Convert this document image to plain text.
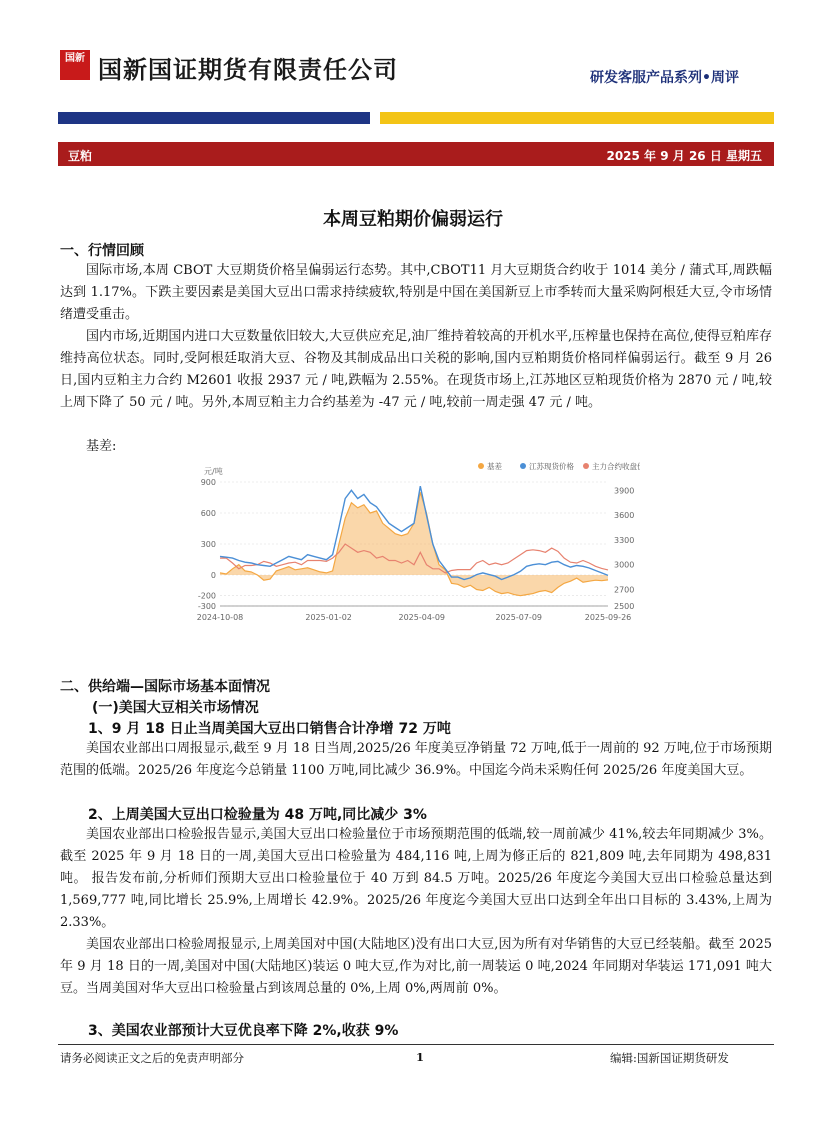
国新 国新国证期货有限责任公司	研发客服产品系列•周评
豆粕	2025 年 9 月 26 日 星期五
本周豆粕期价偏弱运行
一、行情回顾
国际市场,本周 CBOT 大豆期货价格呈偏弱运行态势。其中,CBOT11 月大豆期货合约收于 1014 美分 / 蒲式耳,周跌幅达到 1.17%。下跌主要因素是美国大豆出口需求持续疲软,特别是中国在美国新豆上市季转而大量采购阿根廷大豆,令市场情绪遭受重击。
国内市场,近期国内进口大豆数量依旧较大,大豆供应充足,油厂维持着较高的开机水平,压榨量也保持在高位,使得豆粕库存维持高位状态。同时,受阿根廷取消大豆、谷物及其制成品出口关税的影响,国内豆粕期货价格同样偏弱运行。截至 9 月 26 日,国内豆粕主力合约 M2601 收报 2937 元 / 吨,跌幅为 2.55%。在现货市场上,江苏地区豆粕现货价格为 2870 元 / 吨,较上周下降了 50 元 / 吨。另外,本周豆粕主力合约基差为 -47 元 / 吨,较前一周走强 47 元 / 吨。
基差:
元/吨
基差	江苏现货价格 主力合约收盘价
900
600
300
0
-200
-300
3900
3600
3300
3000
2700
2500
2024-10-08	2025-01-02	2025-04-09	2025-07-09	2025-09-26
二、供给端—国际市场基本面情况
(一)美国大豆相关市场情况
1、9 月 18 日止当周美国大豆出口销售合计净增 72 万吨
美国农业部出口周报显示,截至 9 月 18 日当周,2025/26 年度美豆净销量 72 万吨,低于一周前的 92 万吨,位于市场预期范围的低端。2025/26 年度迄今总销量 1100 万吨,同比减少 36.9%。中国迄今尚未采购任何 2025/26 年度美国大豆。
2、上周美国大豆出口检验量为 48 万吨,同比减少 3%
美国农业部出口检验报告显示,美国大豆出口检验量位于市场预期范围的低端,较一周前减少 41%,较去年同期减少 3%。截至 2025 年 9 月 18 日的一周,美国大豆出口检验量为 484,116 吨,上周为修正后的 821,809 吨,去年同期为 498,831 吨。 报告发布前,分析师们预期大豆出口检验量位于 40 万到 84.5 万吨。2025/26 年度迄今美国大豆出口检验总量达到 1,569,777 吨,同比增长 25.9%,上周增长 42.9%。2025/26 年度迄今美国大豆出口达到全年出口目标的 3.43%,上周为 2.33%。
美国农业部出口检验周报显示,上周美国对中国(大陆地区)没有出口大豆,因为所有对华销售的大豆已经装船。截至 2025 年 9 月 18 日的一周,美国对中国(大陆地区)装运 0 吨大豆,作为对比,前一周装运 0 吨,2024 年同期对华装运 171,091 吨大豆。当周美国对华大豆出口检验量占到该周总量的 0%,上周 0%,两周前 0%。
3、美国农业部预计大豆优良率下降 2%,收获 9%
请务必阅读正文之后的免责声明部分	1	编辑:国新国证期货研发
